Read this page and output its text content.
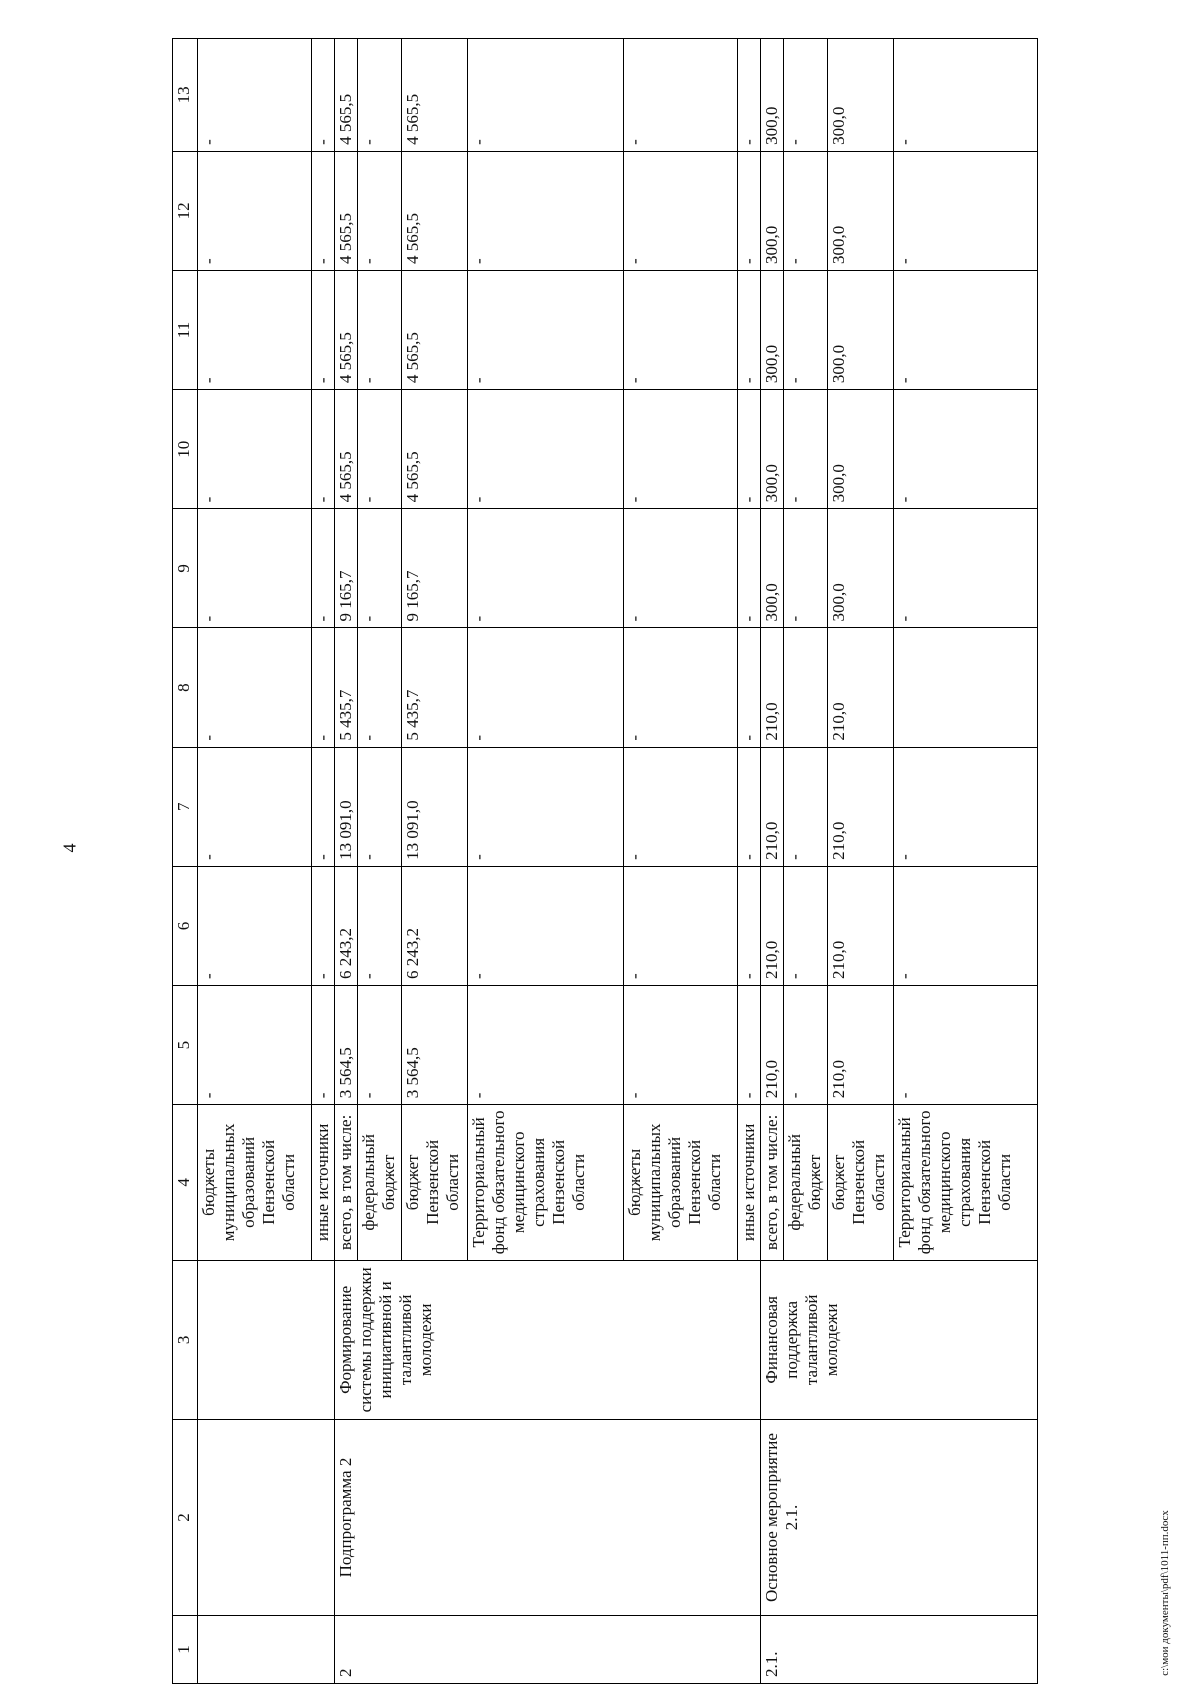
4
1	2	3	4	5	6	7	8	9	10	11	12	13
			бюджеты муниципальных образований Пензенской области	-	-	-	-	-	-	-	-	-
			иные источники	-	-	-	-	-	-	-	-	-
2	Подпрограмма 2	Формирование системы поддержки инициативной и талантливой молодежи	всего, в том числе:	3 564,5	6 243,2	13 091,0	5 435,7	9 165,7	4 565,5	4 565,5	4 565,5	4 565,5
			федеральный бюджет	-	-	-	-	-	-	-	-	-
			бюджет Пензенской области	3 564,5	6 243,2	13 091,0	5 435,7	9 165,7	4 565,5	4 565,5	4 565,5	4 565,5
			Территориальный фонд обязательного медицинского страхования Пензенской области	-	-	-	-	-	-	-	-	-
			бюджеты муниципальных образований Пензенской области	-	-	-	-	-	-	-	-	-
			иные источники	-	-	-	-	-	-	-	-	-
2.1.	Основное мероприятие 2.1.	Финансовая поддержка талантливой молодежи	всего, в том числе:	210,0	210,0	210,0	210,0	300,0	300,0	300,0	300,0	300,0
			федеральный бюджет	-	-	-		-	-	-	-	-
			бюджет Пензенской области	210,0	210,0	210,0	210,0	300,0	300,0	300,0	300,0	300,0
			Территориальный фонд обязательного медицинского страхования Пензенской области	-	-	-		-	-	-	-	-
c:\мои документы\pdf\1011-пп.docx
